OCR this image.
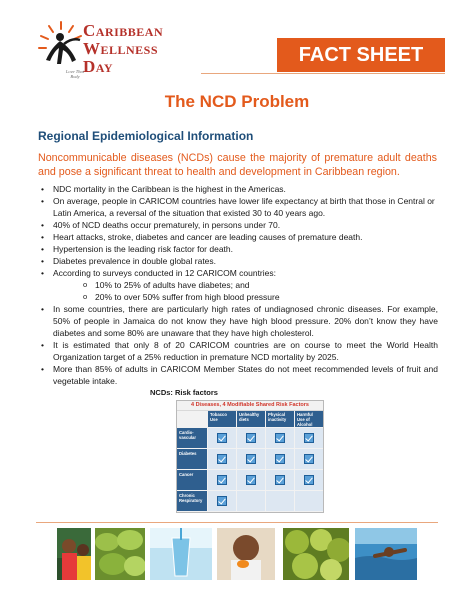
Caribbean
Wellness
Day
Love That Body
FACT SHEET
The NCD Problem
Regional Epidemiological Information
Noncommunicable diseases (NCDs) cause the majority of premature adult deaths and pose a significant threat to health and development in Caribbean region.
• NDC mortality in the Caribbean is the highest in the Americas.
• On average, people in CARICOM countries have lower life expectancy at birth that those in Central or Latin America, a reversal of the situation that existed 30 to 40 years ago.
• 40% of NCD deaths occur prematurely, in persons under 70.
• Heart attacks, stroke, diabetes and cancer are leading causes of premature death.
• Hypertension is the leading risk factor for death.
• Diabetes prevalence in double global rates.
• According to surveys conducted in 12 CARICOM countries:
o 10% to 25% of adults have diabetes; and
o 20% to over 50% suffer from high blood pressure
• In some countries, there are particularly high rates of undiagnosed chronic diseases. For example, 50% of people in Jamaica do not know they have high blood pressure. 20% don’t know they have diabetes and some 80% are unaware that they have high cholesterol.
• It is estimated that only 8 of 20 CARICOM countries are on course to meet the World Health Organization target of a 25% reduction in premature NCD mortality by 2025.
• More than 85% of adults in CARICOM Member States do not meet recommended levels of fruit and vegetable intake.
NCDs: Risk factors
4 Diseases, 4 Modifiable Shared Risk Factors
Tobacco Use
Unhealthy diets
Physical inactivity
Harmful Use of Alcohol
Cardio-vascular
Diabetes
Cancer
Chronic Respiratory
